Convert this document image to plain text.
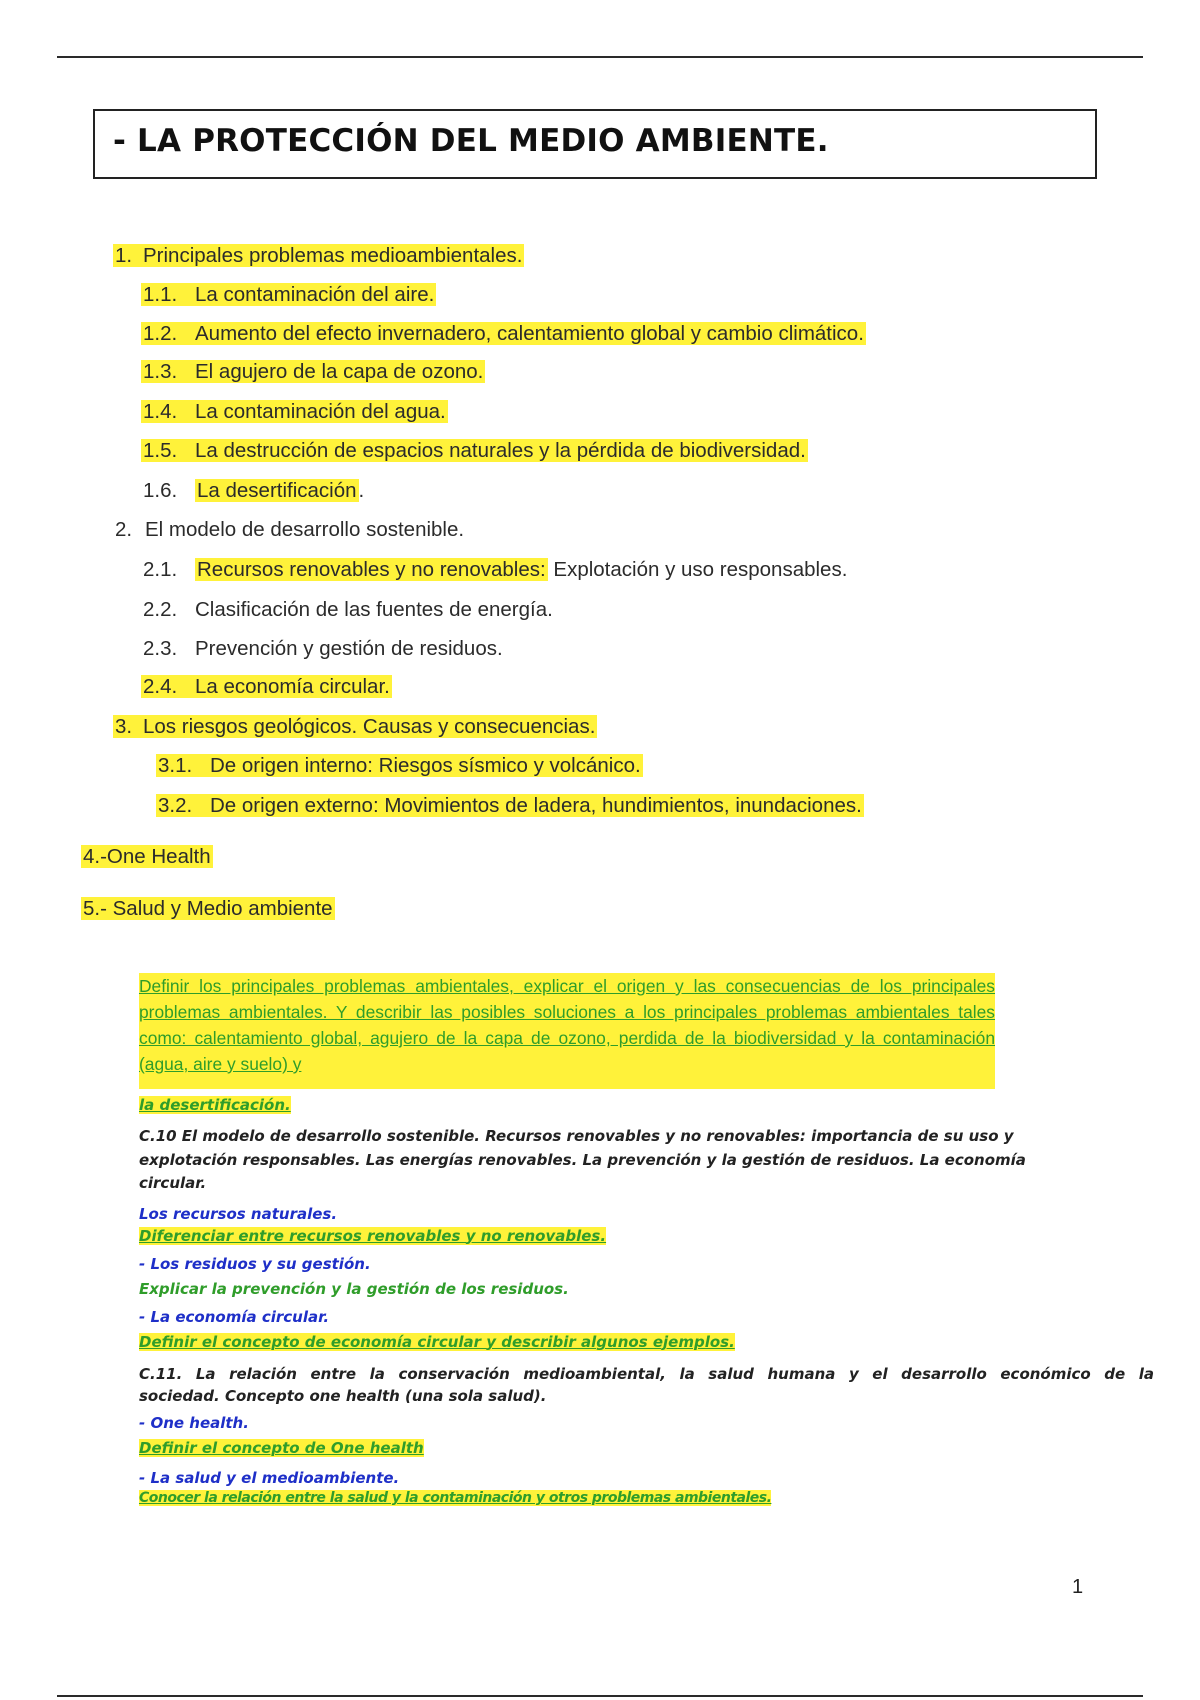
- LA PROTECCIÓN DEL MEDIO AMBIENTE.
1. Principales problemas medioambientales.
1.1. La contaminación del aire.
1.2. Aumento del efecto invernadero, calentamiento global y cambio climático.
1.3. El agujero de la capa de ozono.
1.4. La contaminación del agua.
1.5. La destrucción de espacios naturales y la pérdida de biodiversidad.
1.6. La desertificación.
2. El modelo de desarrollo sostenible.
2.1. Recursos renovables y no renovables: Explotación y uso responsables.
2.2. Clasificación de las fuentes de energía.
2.3. Prevención y gestión de residuos.
2.4. La economía circular.
3. Los riesgos geológicos. Causas y consecuencias.
3.1. De origen interno: Riesgos sísmico y volcánico.
3.2. De origen externo: Movimientos de ladera, hundimientos, inundaciones.
4.-One Health
5.- Salud y Medio ambiente
Definir los principales problemas ambientales, explicar el origen y las consecuencias de los principales problemas ambientales. Y describir las posibles soluciones a los principales problemas ambientales tales como: calentamiento global, agujero de la capa de ozono, perdida de la biodiversidad y la contaminación (agua, aire y suelo) y
la desertificación.
C.10 El modelo de desarrollo sostenible. Recursos renovables y no renovables: importancia de su uso y
explotación responsables. Las energías renovables. La prevención y la gestión de residuos. La economía
circular.
Los recursos naturales.
Diferenciar entre recursos renovables y no renovables.
- Los residuos y su gestión.
Explicar la prevención y la gestión de los residuos.
- La economía circular.
Definir el concepto de economía circular y describir algunos ejemplos.
C.11. La relación entre la conservación medioambiental, la salud humana y el desarrollo económico de la
sociedad. Concepto one health (una sola salud).
- One health.
Definir el concepto de One health
- La salud y el medioambiente.
Conocer la relación entre la salud y la contaminación y otros problemas ambientales.
1
